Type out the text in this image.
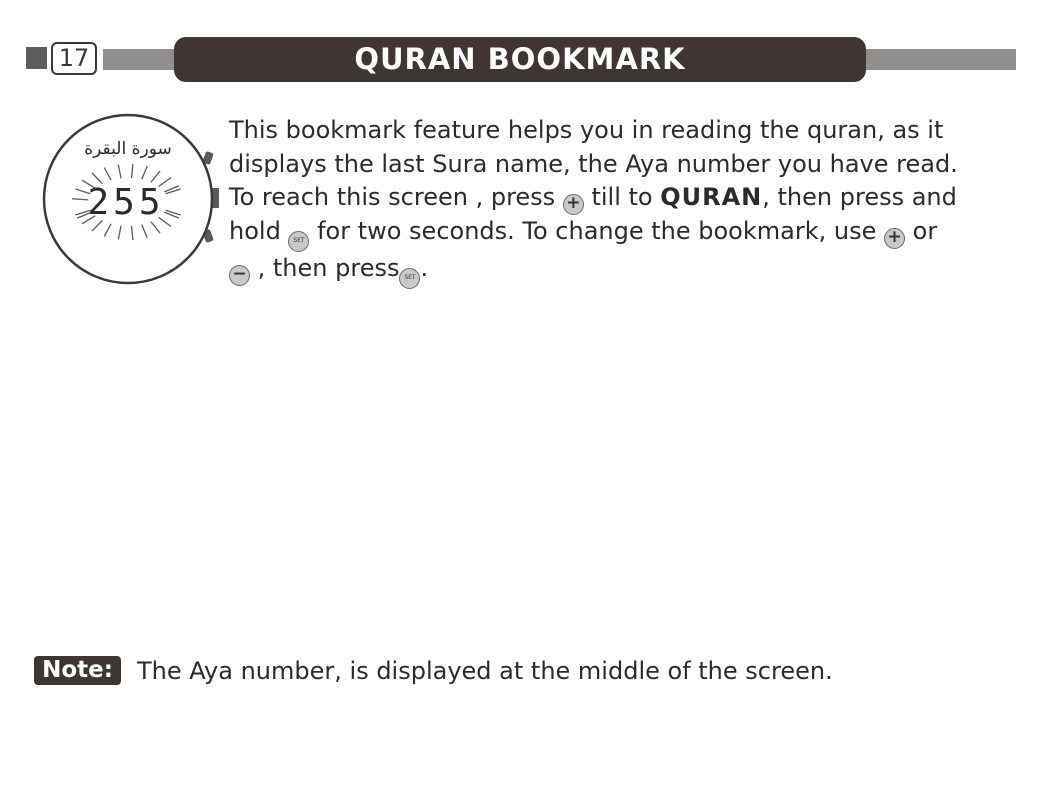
17	QURAN BOOKMARK
سورة البقرة
255
This bookmark feature helps you in reading the quran, as it
displays the last Sura name, the Aya number you have read.
To reach this screen , press + till to QURAN, then press and
hold	SET for two seconds. To change the bookmark, use + or
− , then press SET .
Note:	The Aya number, is displayed at the middle of the screen.
